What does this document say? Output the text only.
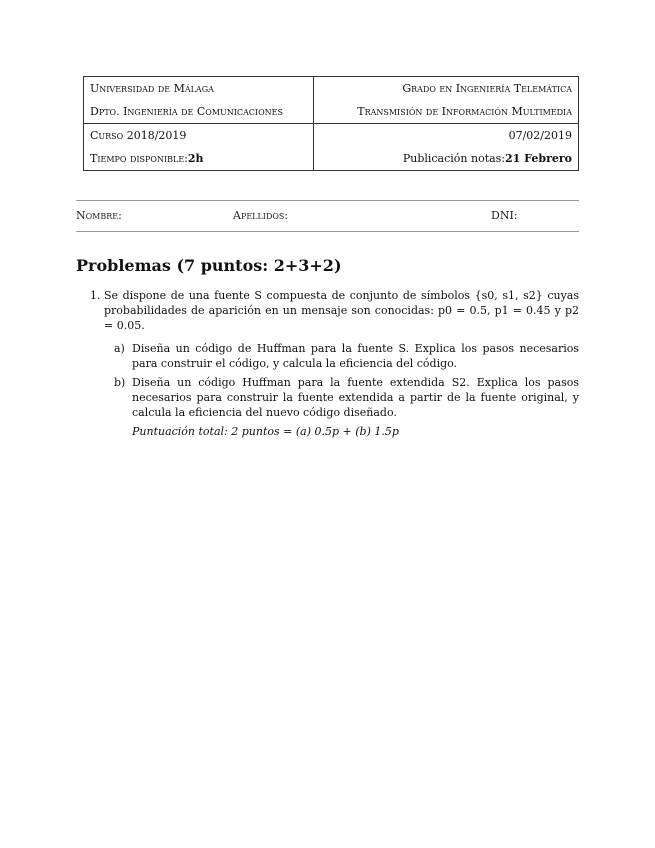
Universidad de Málaga	Grado en Ingeniería Telemática
Dpto. Ingeniería de Comunicaciones	Transmisión de Información Multimedia
Curso 2018/2019	07/02/2019
Tiempo disponible: 2h	Publicación notas: 21 Febrero
Nombre:	Apellidos:	DNI:
Problemas (7 puntos: 2+3+2)
1. Se dispone de una fuente S compuesta de conjunto de símbolos {s0, s1, s2} cuyas probabilidades de aparición en un mensaje son conocidas: p0 = 0.5, p1 = 0.45 y p2 = 0.05.
a) Diseña un código de Huffman para la fuente S. Explica los pasos necesarios para construir el código, y calcula la eficiencia del código.
b) Diseña un código Huffman para la fuente extendida S2. Explica los pasos necesarios para construir la fuente extendida a partir de la fuente original, y calcula la eficiencia del nuevo código diseñado.
Puntuación total: 2 puntos = (a) 0.5p + (b) 1.5p
